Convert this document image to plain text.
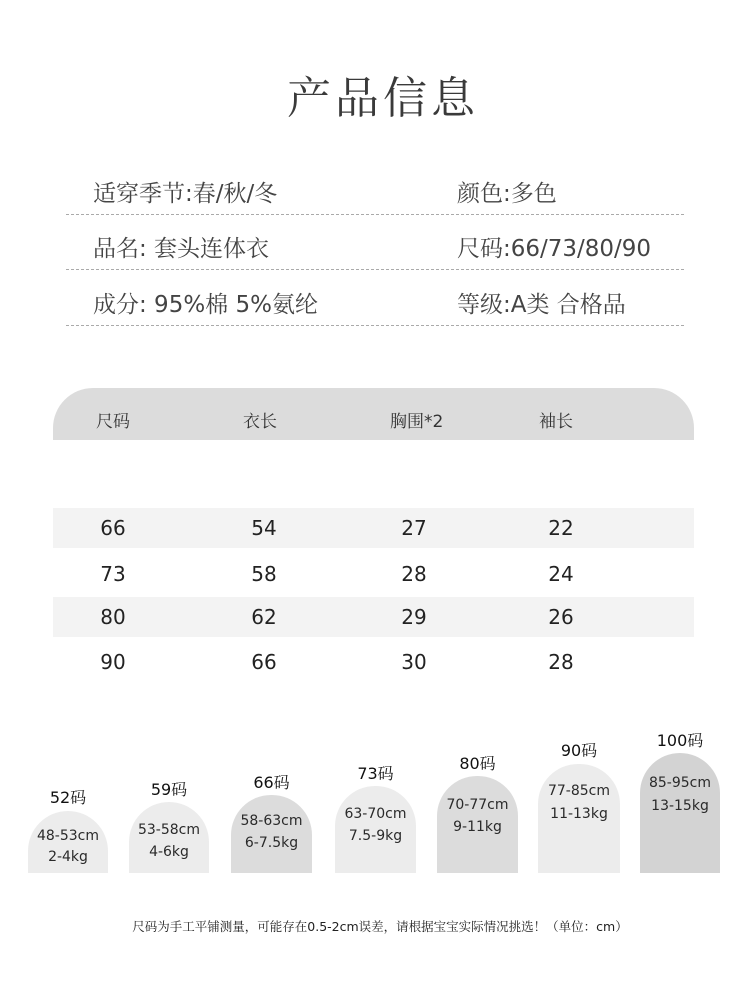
产品信息
适穿季节:春/秋/冬	颜色:多色
品名: 套头连体衣	尺码:66/73/80/90
成分: 95%棉 5%氨纶	等级:A类 合格品
尺码	衣长	胸围*2	袖长
66	54	27	22
73	58	28	24
80	62	29	26
90	66	30	28
52码
48-53cm
2-4kg
59码
53-58cm
4-6kg
66码
58-63cm
6-7.5kg
73码
63-70cm
7.5-9kg
80码
70-77cm
9-11kg
90码
77-85cm
11-13kg
100码
85-95cm
13-15kg
尺码为手工平铺测量，可能存在0.5-2cm误差，请根据宝宝实际情况挑选！（单位：cm）
